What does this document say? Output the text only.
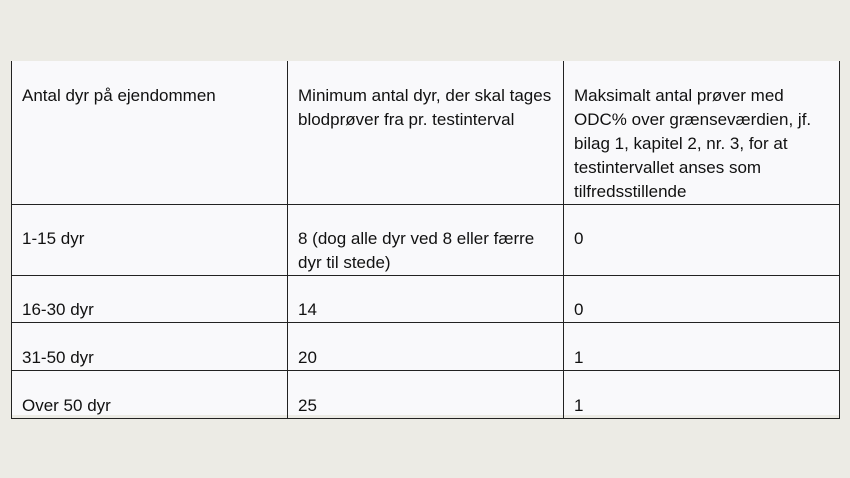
Antal dyr på ejendommen	Minimum antal dyr, der skal tages blodprøver fra pr. testinterval	Maksimalt antal prøver med ODC% over grænseværdien, jf. bilag 1, kapitel 2, nr. 3, for at testintervallet anses som tilfredsstillende
1-15 dyr	8 (dog alle dyr ved 8 eller færre dyr til stede)	0
16-30 dyr	14	0
31-50 dyr	20	1
Over 50 dyr	25	1
